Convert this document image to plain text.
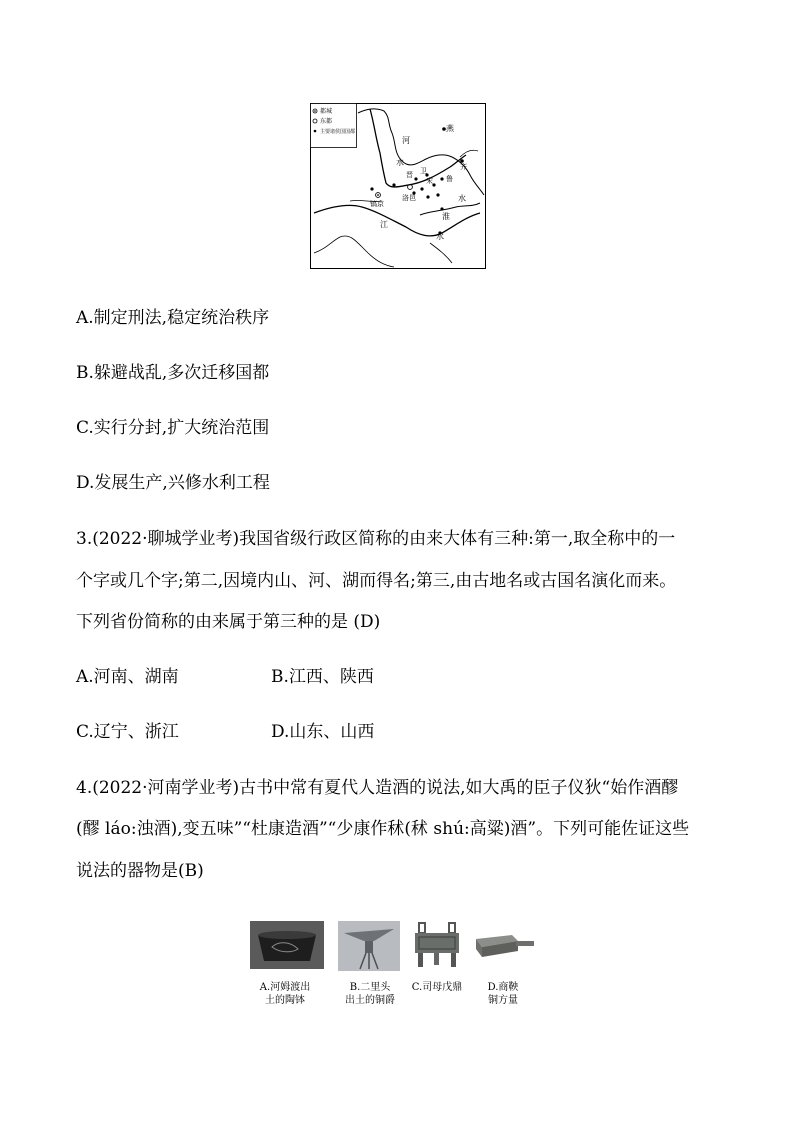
都城
东都
主要诸侯国国都	燕
河
水	齐
卫
晋
宋 鲁
洛邑
镐京
江
淮
水
水
A.制定刑法,稳定统治秩序
B.躲避战乱,多次迁移国都
C.实行分封,扩大统治范围
D.发展生产,兴修水利工程
3.(2022·聊城学业考)我国省级行政区简称的由来大体有三种:第一,取全称中的一
个字或几个字;第二,因境内山、河、湖而得名;第三,由古地名或古国名演化而来。
下列省份简称的由来属于第三种的是 (D)
A.河南、湖南	B.江西、陕西
C.辽宁、浙江	D.山东、山西
4.(2022·河南学业考)古书中常有夏代人造酒的说法,如大禹的臣子仪狄“始作酒醪
(醪 láo:浊酒),变五味”“杜康造酒”“少康作秫(秫 shú:高粱)酒”。下列可能佐证这些
说法的器物是(B)
A.河姆渡出
土的陶钵
B.二里头
出土的铜爵
C.司母戊鼎	D.商鞅
铜方量
